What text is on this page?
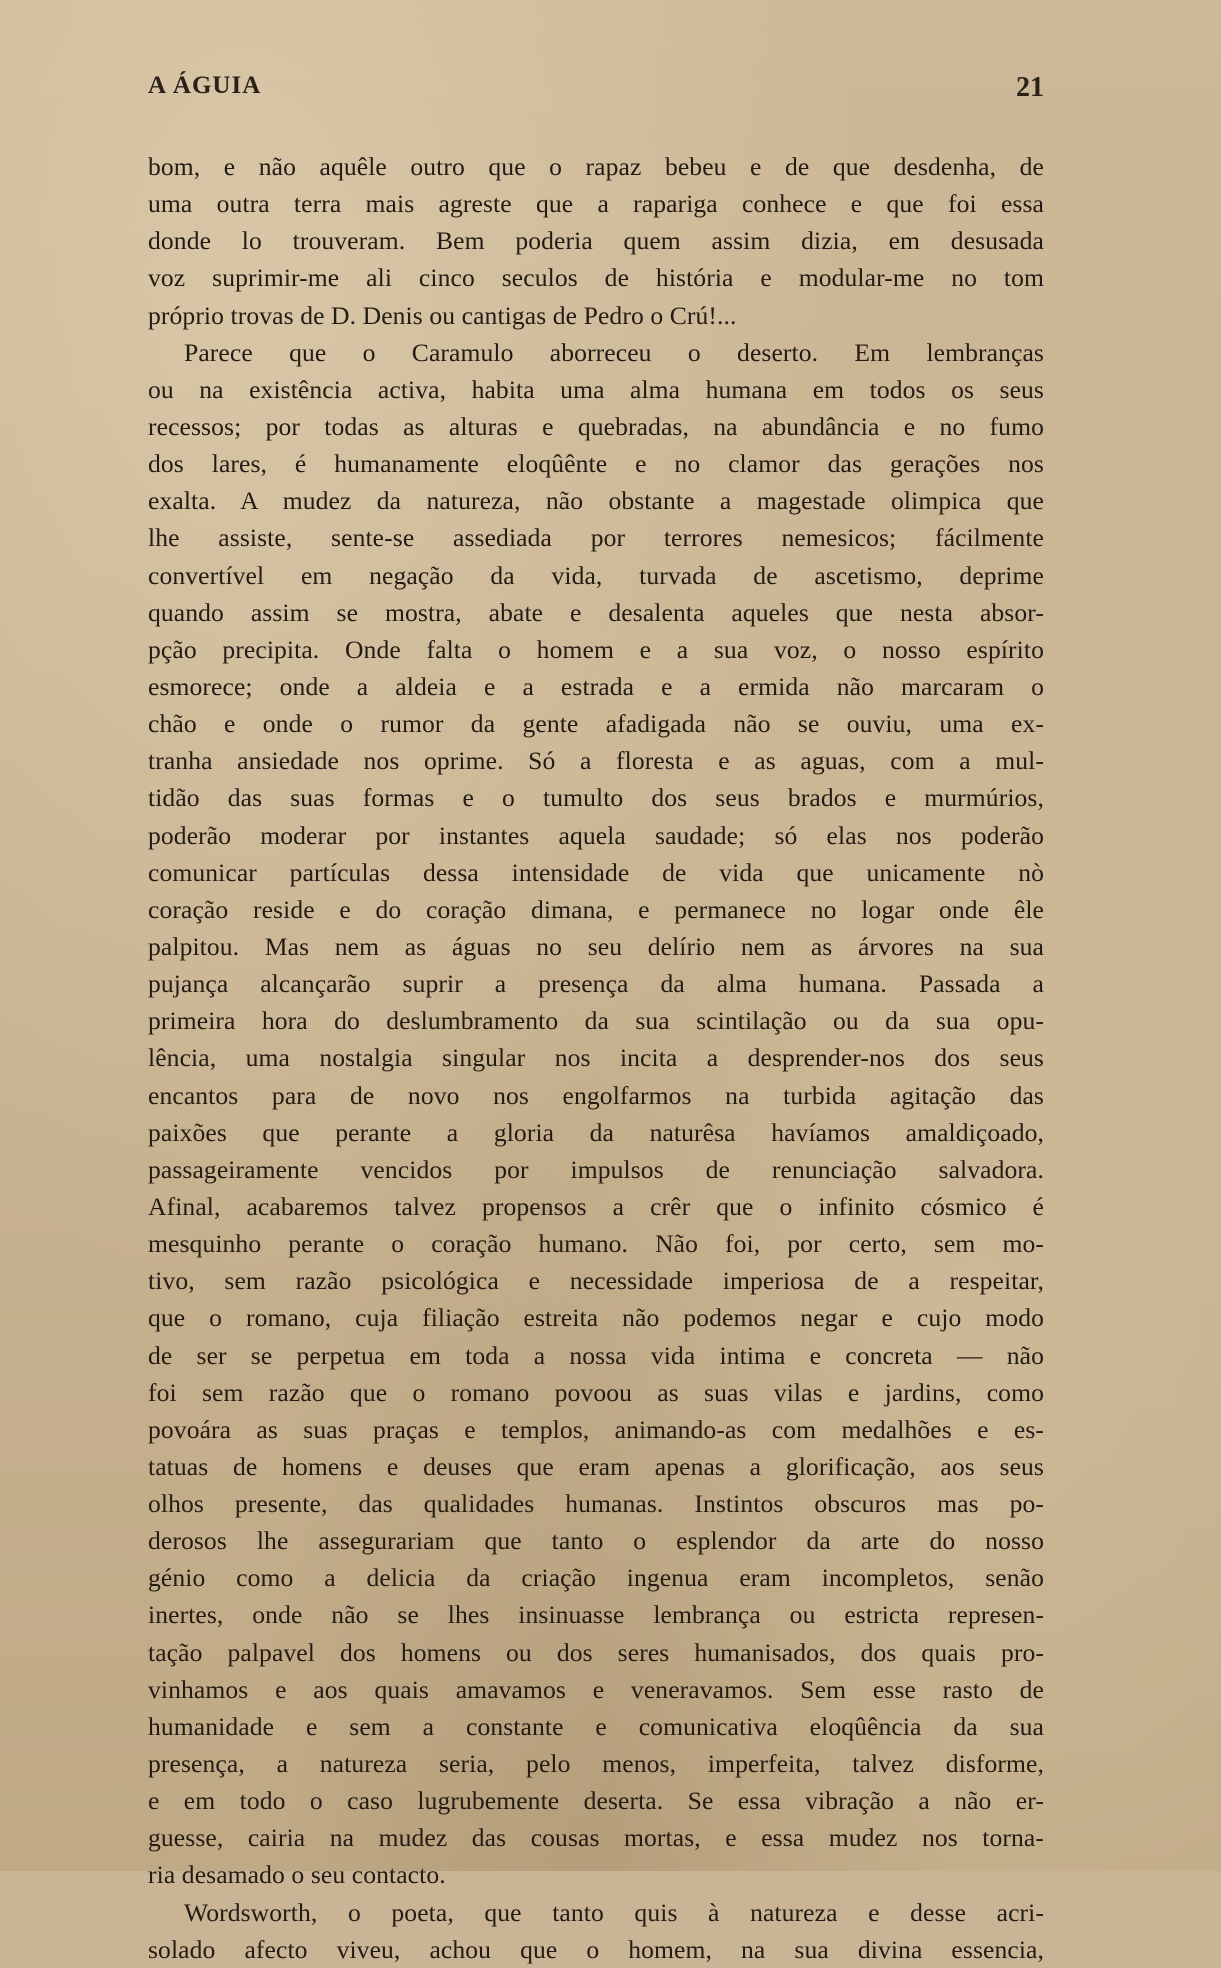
A ÁGUIA	21
bom, e não aquêle outro que o rapaz bebeu e de que desdenha, de
uma outra terra mais agreste que a rapariga conhece e que foi essa
donde lo trouveram. Bem poderia quem assim dizia, em desusada
voz suprimir-me ali cinco seculos de história e modular-me no tom
próprio trovas de D. Denis ou cantigas de Pedro o Crú!...
Parece que o Caramulo aborreceu o deserto. Em lembranças
ou na existência activa, habita uma alma humana em todos os seus
recessos; por todas as alturas e quebradas, na abundância e no fumo
dos lares, é humanamente eloqûênte e no clamor das gerações nos
exalta. A mudez da natureza, não obstante a magestade olimpica que
lhe assiste, sente-se assediada por terrores nemesicos; fácilmente
convertível em negação da vida, turvada de ascetismo, deprime
quando assim se mostra, abate e desalenta aqueles que nesta absor-
pção precipita. Onde falta o homem e a sua voz, o nosso espírito
esmorece; onde a aldeia e a estrada e a ermida não marcaram o
chão e onde o rumor da gente afadigada não se ouviu, uma ex-
tranha ansiedade nos oprime. Só a floresta e as aguas, com a mul-
tidão das suas formas e o tumulto dos seus brados e murmúrios,
poderão moderar por instantes aquela saudade; só elas nos poderão
comunicar partículas dessa intensidade de vida que unicamente nò
coração reside e do coração dimana, e permanece no logar onde êle
palpitou. Mas nem as águas no seu delírio nem as árvores na sua
pujança alcançarão suprir a presença da alma humana. Passada a
primeira hora do deslumbramento da sua scintilação ou da sua opu-
lência, uma nostalgia singular nos incita a desprender-nos dos seus
encantos para de novo nos engolfarmos na turbida agitação das
paixões que perante a gloria da naturêsa havíamos amaldiçoado,
passageiramente vencidos por impulsos de renunciação salvadora.
Afinal, acabaremos talvez propensos a crêr que o infinito cósmico é
mesquinho perante o coração humano. Não foi, por certo, sem mo-
tivo, sem razão psicológica e necessidade imperiosa de a respeitar,
que o romano, cuja filiação estreita não podemos negar e cujo modo
de ser se perpetua em toda a nossa vida intima e concreta — não
foi sem razão que o romano povoou as suas vilas e jardins, como
povoára as suas praças e templos, animando-as com medalhões e es-
tatuas de homens e deuses que eram apenas a glorificação, aos seus
olhos presente, das qualidades humanas. Instintos obscuros mas po-
derosos lhe assegurariam que tanto o esplendor da arte do nosso
génio como a delicia da criação ingenua eram incompletos, senão
inertes, onde não se lhes insinuasse lembrança ou estricta represen-
tação palpavel dos homens ou dos seres humanisados, dos quais pro-
vinhamos e aos quais amavamos e veneravamos. Sem esse rasto de
humanidade e sem a constante e comunicativa eloqûência da sua
presença, a natureza seria, pelo menos, imperfeita, talvez disforme,
e em todo o caso lugrubemente deserta. Se essa vibração a não er-
guesse, cairia na mudez das cousas mortas, e essa mudez nos torna-
ria desamado o seu contacto.
Wordsworth, o poeta, que tanto quis à natureza e desse acri-
solado afecto viveu, achou que o homem, na sua divina essencia,
